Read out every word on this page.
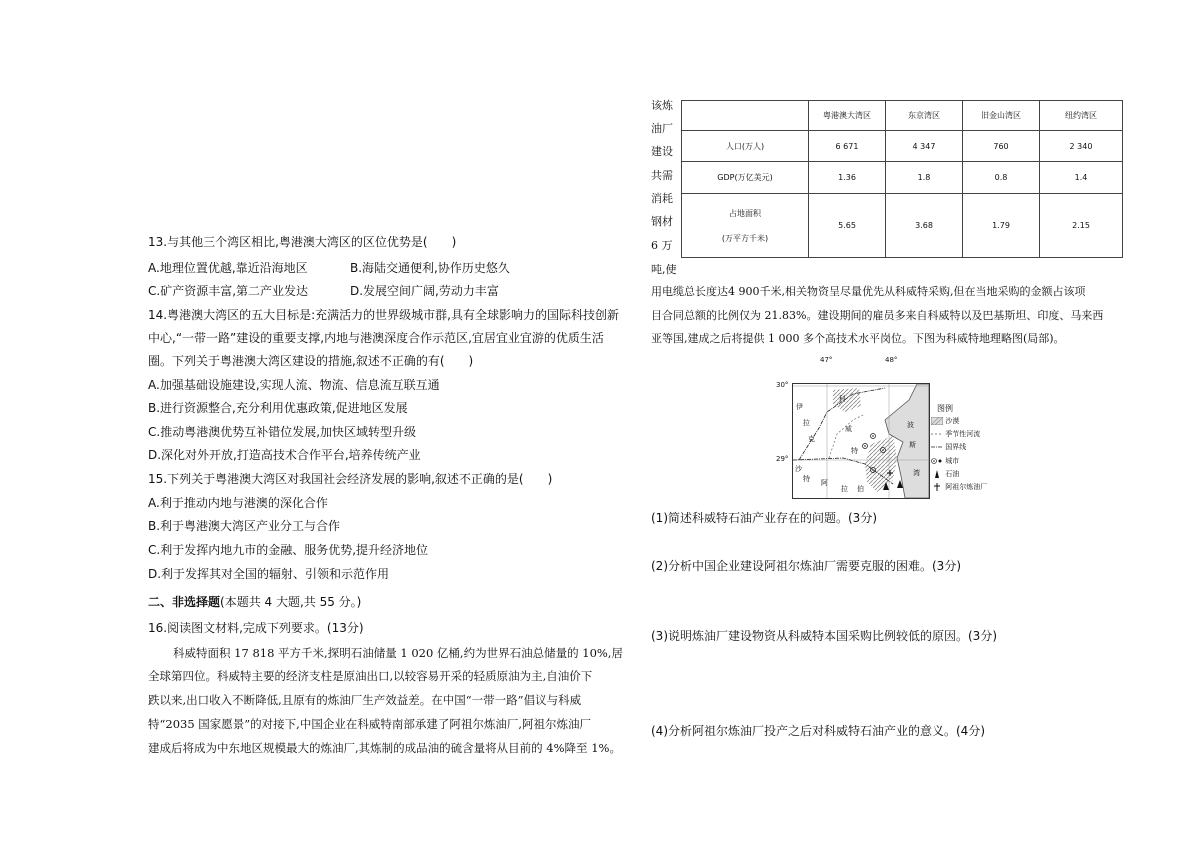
13.与其他三个湾区相比,粤港澳大湾区的区位优势是(　　)
A.地理位置优越,靠近沿海地区	B.海陆交通便利,协作历史悠久
C.矿产资源丰富,第二产业发达	D.发展空间广阔,劳动力丰富
14.粤港澳大湾区的五大目标是:充满活力的世界级城市群,具有全球影响力的国际科技创新
中心,“一带一路”建设的重要支撑,内地与港澳深度合作示范区,宜居宜业宜游的优质生活
圈。下列关于粤港澳大湾区建设的措施,叙述不正确的有(　　)
A.加强基础设施建设,实现人流、物流、信息流互联互通
B.进行资源整合,充分利用优惠政策,促进地区发展
C.推动粤港澳优势互补错位发展,加快区域转型升级
D.深化对外开放,打造高技术合作平台,培养传统产业
15.下列关于粤港澳大湾区对我国社会经济发展的影响,叙述不正确的是(　　)
A.利于推动内地与港澳的深化合作
B.利于粤港澳大湾区产业分工与合作
C.利于发挥内地九市的金融、服务优势,提升经济地位
D.利于发挥其对全国的辐射、引领和示范作用
二、非选择题(本题共 4 大题,共 55 分。)
16.阅读图文材料,完成下列要求。(13分)
科威特面积 17 818 平方千米,探明石油储量 1 020 亿桶,约为世界石油总储量的 10%,居
全球第四位。科威特主要的经济支柱是原油出口,以较容易开采的轻质原油为主,自油价下
跌以来,出口收入不断降低,且原有的炼油厂生产效益差。在中国“一带一路”倡议与科威
特“2035 国家愿景”的对接下,中国企业在科威特南部承建了阿祖尔炼油厂,阿祖尔炼油厂
建成后将成为中东地区规模最大的炼油厂,其炼制的成品油的硫含量将从目前的 4%降至 1%。
该炼
油厂
建设
共需
消耗
钢材
6 万
吨,使
	粤港澳大湾区	东京湾区	旧金山湾区	纽约湾区
人口(万人)	6 671	4 347	760	2 340
GDP(万亿美元)	1.36	1.8	0.8	1.4

占地面积
(万平方千米)	5.65	3.68	1.79	2.15
用电缆总长度达4 900千米,相关物资呈尽量优先从科威特采购,但在当地采购的金额占该项
目合同总额的比例仅为 21.83%。建设期间的雇员多来自科威特以及巴基斯坦、印度、马来西
亚等国,建成之后将提供 1 000 多个高技术水平岗位。下图为科威特地理略图(局部)。
47°	48°
30°
29°
伊
拉
克
科
威
特
沙
特 阿
拉 伯
波
斯
湾
图例
沙漠
季节性河流
国界线
城市
石油
阿祖尔炼油厂
(1)简述科威特石油产业存在的问题。(3分)
(2)分析中国企业建设阿祖尔炼油厂需要克服的困难。(3分)
(3)说明炼油厂建设物资从科威特本国采购比例较低的原因。(3分)
(4)分析阿祖尔炼油厂投产之后对科威特石油产业的意义。(4分)
